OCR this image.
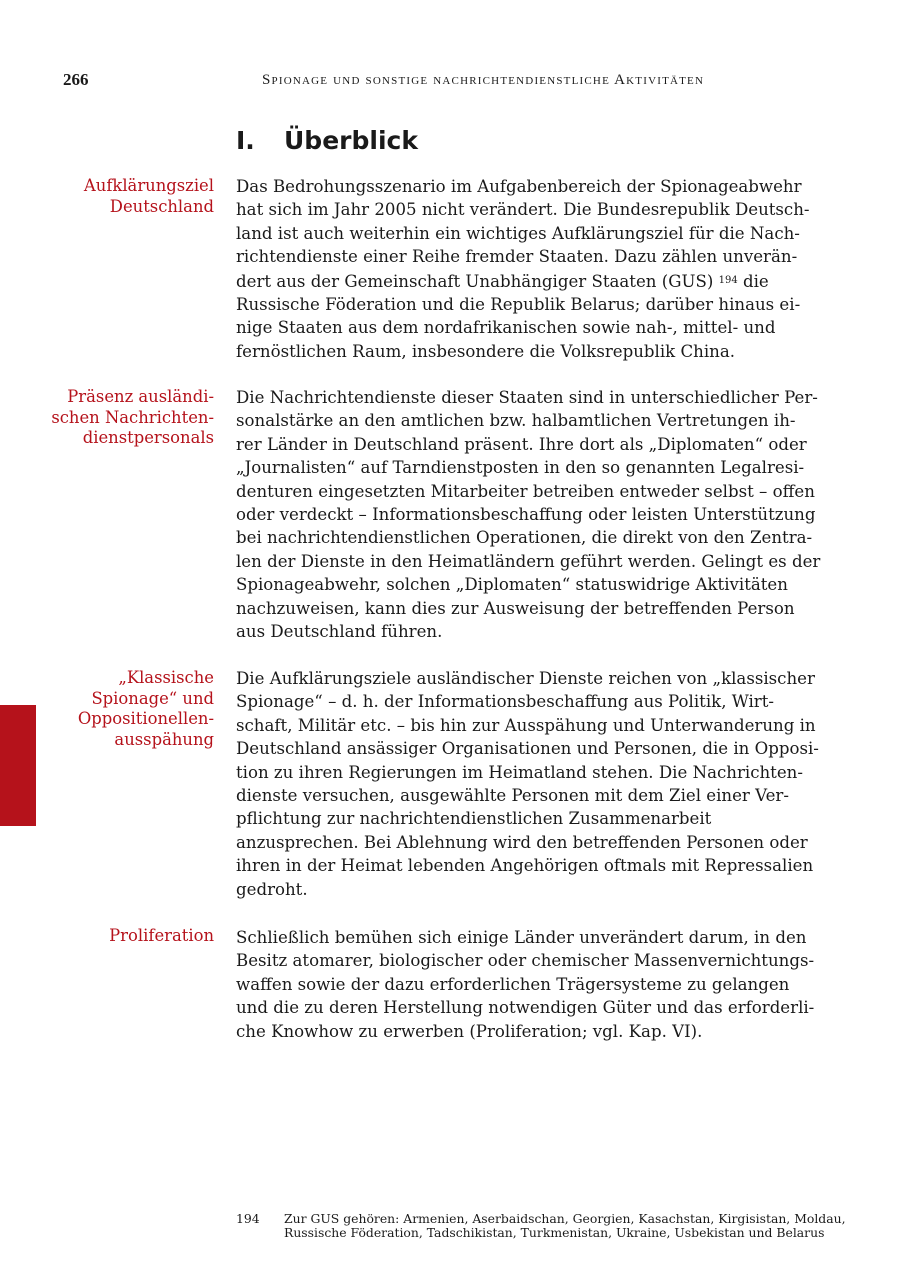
266	Spionage und sonstige nachrichtendienstliche Aktivitäten
I. Überblick
Aufklärungsziel
Deutschland
Das Bedrohungsszenario im Aufgabenbereich der Spionageabwehr
hat sich im Jahr 2005 nicht verändert. Die Bundesrepublik Deutsch-
land ist auch weiterhin ein wichtiges Aufklärungsziel für die Nach-
richtendienste einer Reihe fremder Staaten. Dazu zählen unverän-
dert aus der Gemeinschaft Unabhängiger Staaten (GUS) $^{194}$ die
Russische Föderation und die Republik Belarus; darüber hinaus ei-
nige Staaten aus dem nordafrikanischen sowie nah-, mittel- und
fernöstlichen Raum, insbesondere die Volksrepublik China.
Präsenz ausländi-
schen Nachrichten-
dienstpersonals
Die Nachrichtendienste dieser Staaten sind in unterschiedlicher Per-
sonalstärke an den amtlichen bzw. halbamtlichen Vertretungen ih-
rer Länder in Deutschland präsent. Ihre dort als „Diplomaten“ oder
„Journalisten“ auf Tarndienstposten in den so genannten Legalresi-
denturen eingesetzten Mitarbeiter betreiben entweder selbst – offen
oder verdeckt – Informationsbeschaffung oder leisten Unterstützung
bei nachrichtendienstlichen Operationen, die direkt von den Zentra-
len der Dienste in den Heimatländern geführt werden. Gelingt es der
Spionageabwehr, solchen „Diplomaten“ statuswidrige Aktivitäten
nachzuweisen, kann dies zur Ausweisung der betreffenden Person
aus Deutschland führen.
„Klassische
Spionage“ und
Oppositionellen-
ausspähung
Die Aufklärungsziele ausländischer Dienste reichen von „klassischer
Spionage“ – d. h. der Informationsbeschaffung aus Politik, Wirt-
schaft, Militär etc. – bis hin zur Ausspähung und Unterwanderung in
Deutschland ansässiger Organisationen und Personen, die in Opposi-
tion zu ihren Regierungen im Heimatland stehen. Die Nachrichten-
dienste versuchen, ausgewählte Personen mit dem Ziel einer Ver-
pflichtung zur nachrichtendienstlichen Zusammenarbeit
anzusprechen. Bei Ablehnung wird den betreffenden Personen oder
ihren in der Heimat lebenden Angehörigen oftmals mit Repressalien
gedroht.
Proliferation Schließlich bemühen sich einige Länder unverändert darum, in den
Besitz atomarer, biologischer oder chemischer Massenvernichtungs-
waffen sowie der dazu erforderlichen Trägersysteme zu gelangen
und die zu deren Herstellung notwendigen Güter und das erforderli-
che Knowhow zu erwerben (Proliferation; vgl. Kap. VI).
194 Zur GUS gehören: Armenien, Aserbaidschan, Georgien, Kasachstan, Kirgisistan, Moldau,
Russische Föderation, Tadschikistan, Turkmenistan, Ukraine, Usbekistan und Belarus
